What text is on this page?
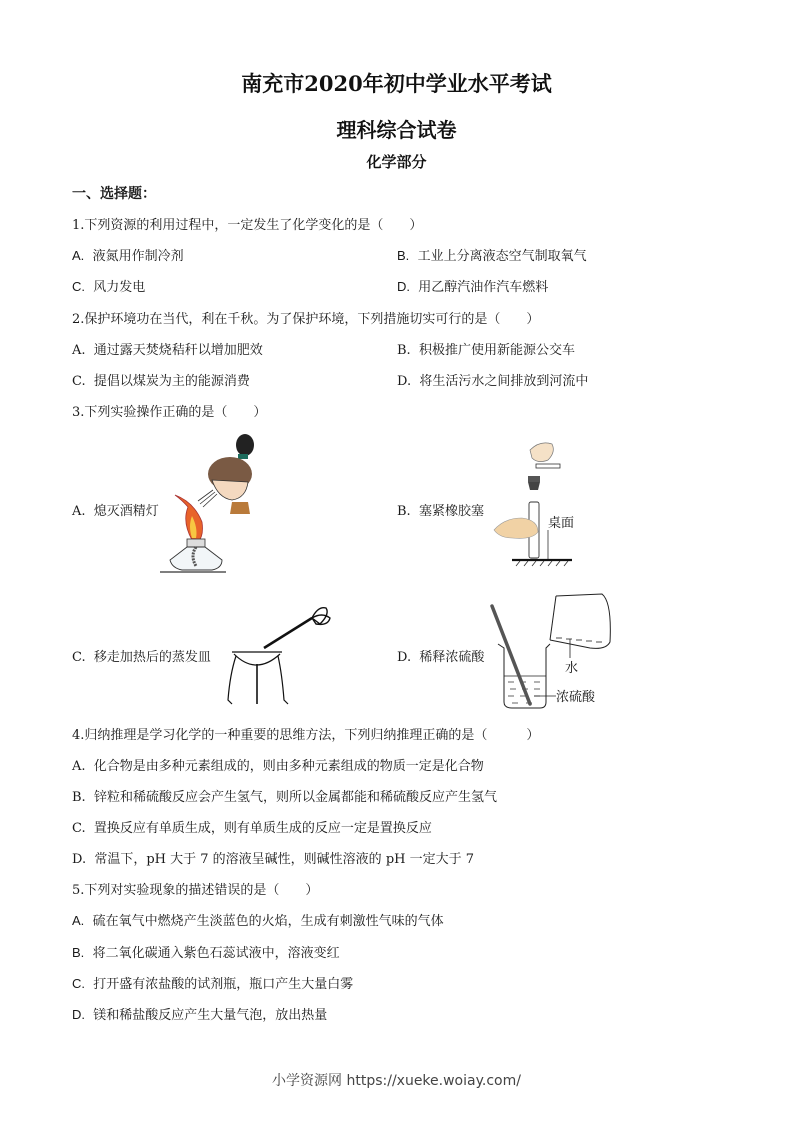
南充市2020年初中学业水平考试
理科综合试卷
化学部分
一、选择题：
1.下列资源的利用过程中，一定发生了化学变化的是（　　）
A. 液氮用作制冷剂	B. 工业上分离液态空气制取氧气
C. 风力发电	D. 用乙醇汽油作汽车燃料
2.保护环境功在当代，利在千秋。为了保护环境，下列措施切实可行的是（　　）
A. 通过露天焚烧秸秆以增加肥效	B. 积极推广使用新能源公交车
C. 提倡以煤炭为主的能源消费	D. 将生活污水之间排放到河流中
3.下列实验操作正确的是（　　）
A. 熄灭酒精灯	B. 塞紧橡胶塞
桌面
C. 移走加热后的蒸发皿	D. 稀释浓硫酸
水
浓硫酸
4.归纳推理是学习化学的一种重要的思维方法，下列归纳推理正确的是（　　　）
A. 化合物是由多种元素组成的，则由多种元素组成的物质一定是化合物
B. 锌粒和稀硫酸反应会产生氢气，则所以金属都能和稀硫酸反应产生氢气
C. 置换反应有单质生成，则有单质生成的反应一定是置换反应
D. 常温下，pH 大于 7 的溶液呈碱性，则碱性溶液的 pH 一定大于 7
5.下列对实验现象的描述错误的是（　　）
A. 硫在氧气中燃烧产生淡蓝色的火焰，生成有刺激性气味的气体
B. 将二氧化碳通入紫色石蕊试液中，溶液变红
C. 打开盛有浓盐酸的试剂瓶，瓶口产生大量白雾
D. 镁和稀盐酸反应产生大量气泡，放出热量
小学资源网 https://xueke.woiay.com/
